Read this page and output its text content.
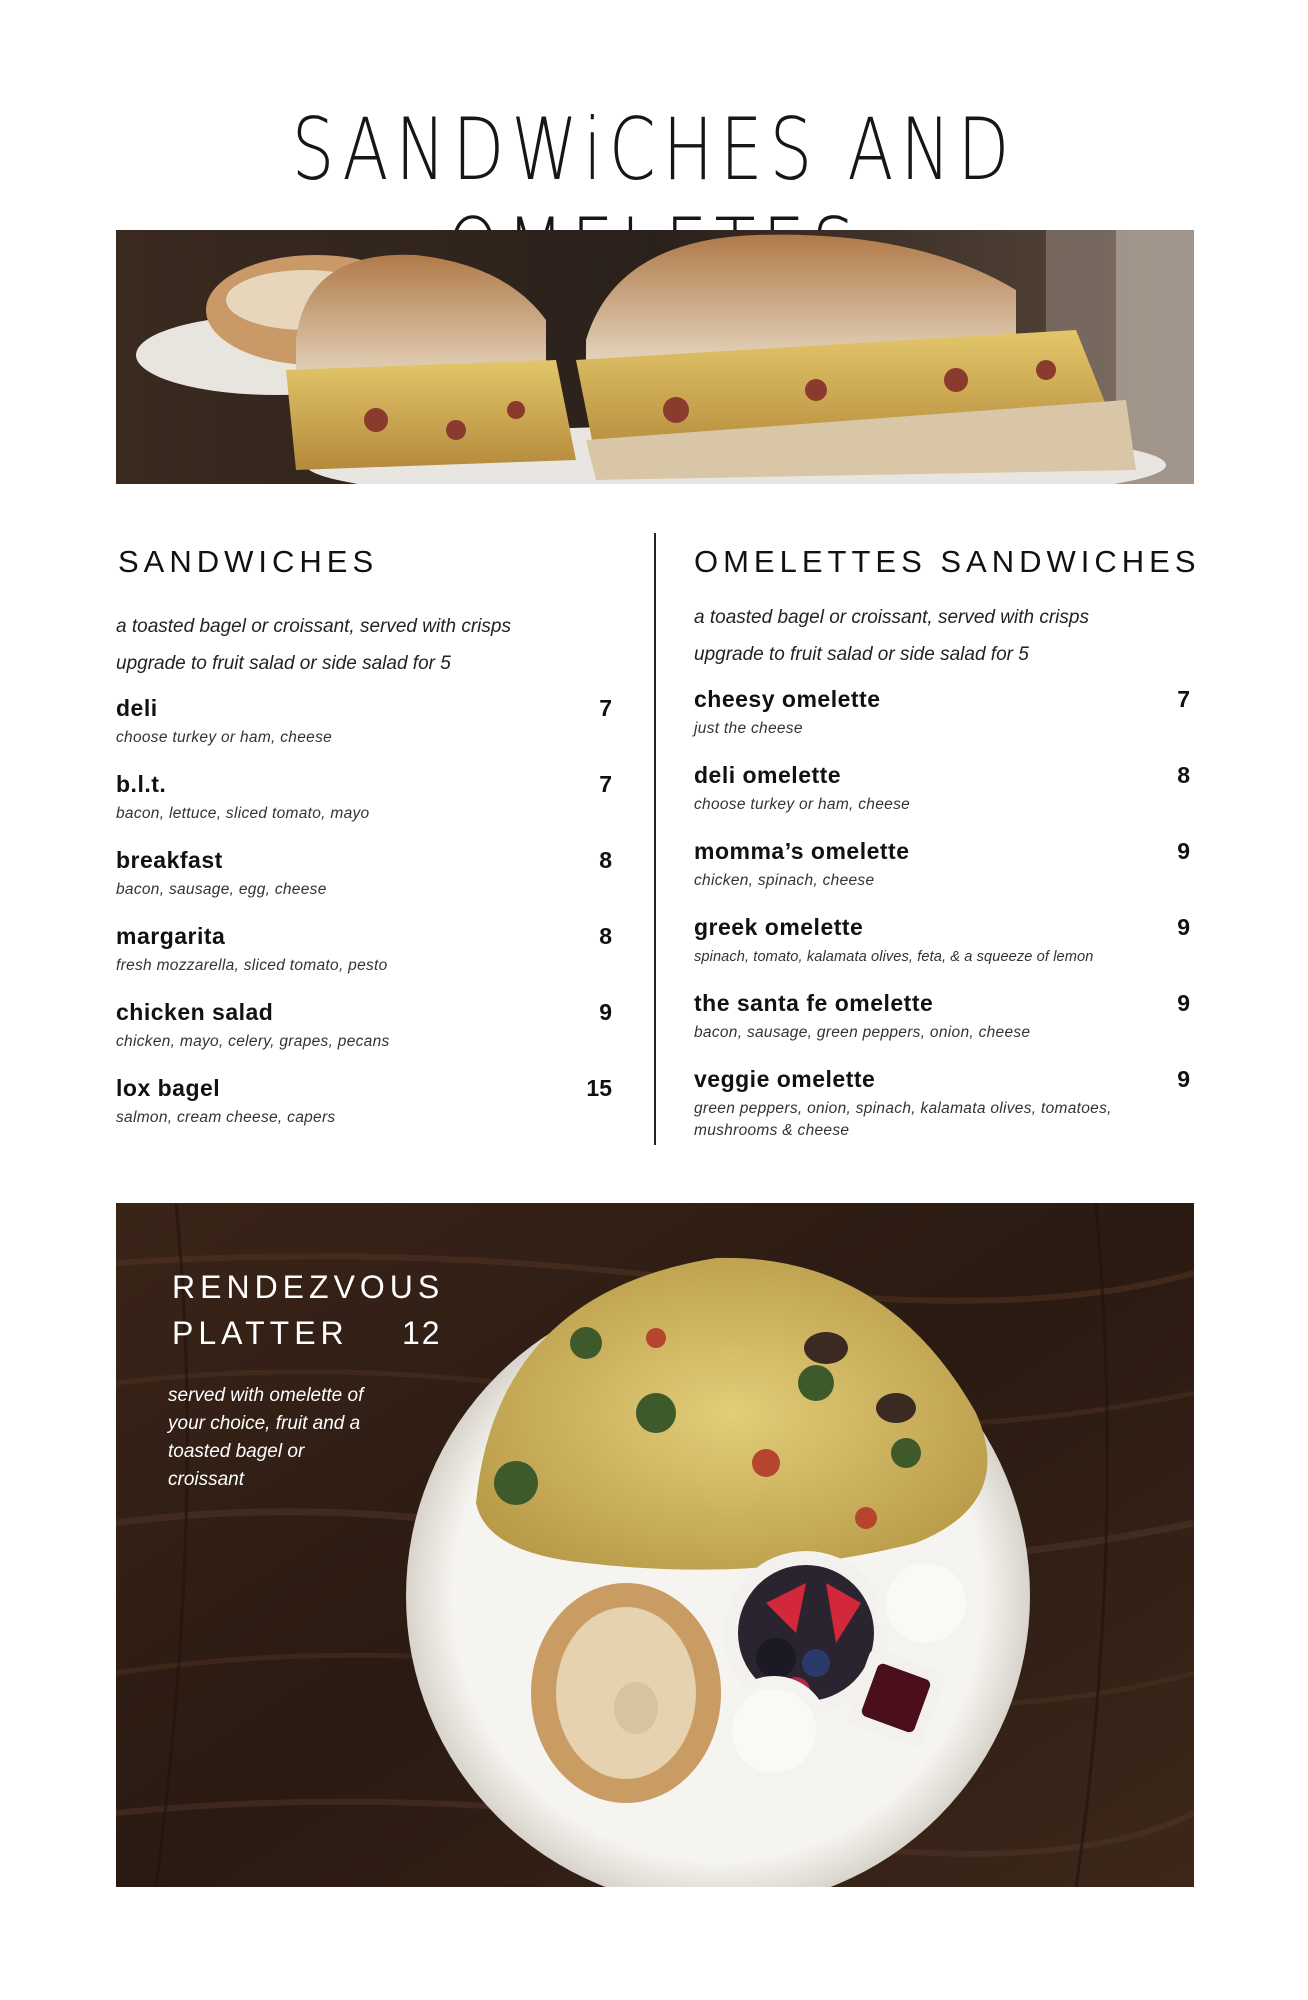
SANDWiCHES AND
SANDWICHES
a toasted bagel or croissant, served with crisps
upgrade to fruit salad or side salad for 5
deli	7
choose turkey or ham, cheese
b.l.t.	7
bacon, lettuce, sliced tomato, mayo
breakfast	8
bacon, sausage, egg, cheese
margarita	8
fresh mozzarella, sliced tomato, pesto
chicken salad	9
chicken, mayo, celery, grapes, pecans
lox bagel	15
salmon, cream cheese, capers
OMELETTES SANDWICHES
a toasted bagel or croissant, served with crisps
upgrade to fruit salad or side salad for 5
cheesy omelette	7
just the cheese
deli omelette	8
choose turkey or ham, cheese
momma’s omelette	9
chicken, spinach, cheese
greek omelette	9
spinach, tomato, kalamata olives, feta, & a squeeze of lemon
the santa fe omelette	9
bacon, sausage, green peppers, onion, cheese
veggie omelette	9
green peppers, onion, spinach, kalamata olives, tomatoes, mushrooms & cheese
RENDEZVOUS
PLATTER	12
served with omelette of your choice, fruit and a toasted bagel or croissant
